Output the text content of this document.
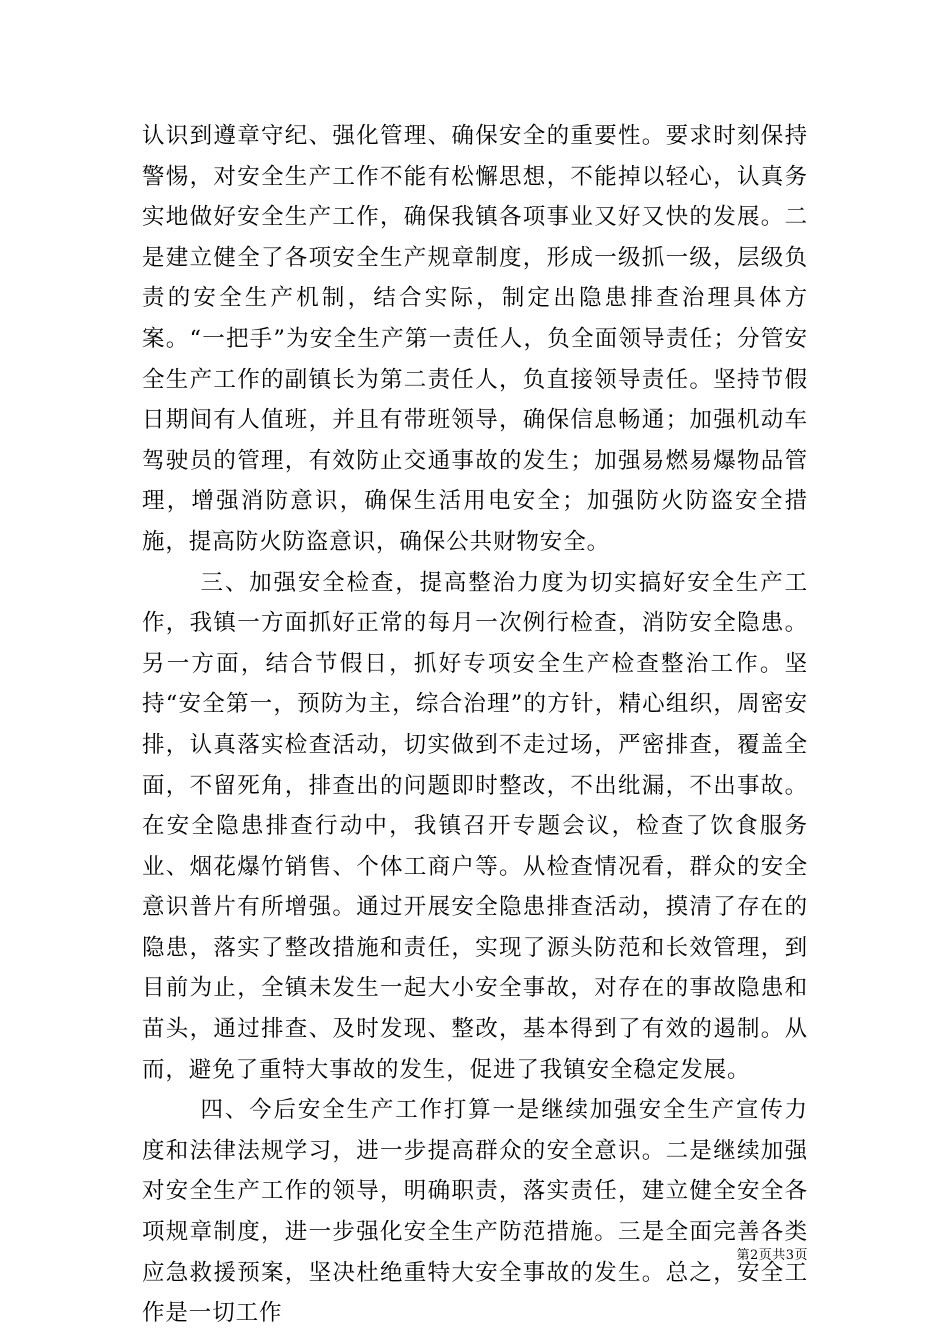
认识到遵章守纪、强化管理、确保安全的重要性。要求时刻保持警惕，对安全生产工作不能有松懈思想，不能掉以轻心，认真务实地做好安全生产工作，确保我镇各项事业又好又快的发展。二是建立健全了各项安全生产规章制度，形成一级抓一级，层级负责的安全生产机制，结合实际，制定出隐患排查治理具体方案。“一把手”为安全生产第一责任人，负全面领导责任；分管安全生产工作的副镇长为第二责任人，负直接领导责任。坚持节假日期间有人值班，并且有带班领导，确保信息畅通；加强机动车驾驶员的管理，有效防止交通事故的发生；加强易燃易爆物品管理，增强消防意识，确保生活用电安全；加强防火防盗安全措施，提高防火防盗意识，确保公共财物安全。

三、加强安全检查，提高整治力度为切实搞好安全生产工作，我镇一方面抓好正常的每月一次例行检查，消防安全隐患。另一方面，结合节假日，抓好专项安全生产检查整治工作。坚持“安全第一，预防为主，综合治理”的方针，精心组织，周密安排，认真落实检查活动，切实做到不走过场，严密排查，覆盖全面，不留死角，排查出的问题即时整改，不出纰漏，不出事故。在安全隐患排查行动中，我镇召开专题会议，检查了饮食服务业、烟花爆竹销售、个体工商户等。从检查情况看，群众的安全意识普片有所增强。通过开展安全隐患排查活动，摸清了存在的隐患，落实了整改措施和责任，实现了源头防范和长效管理，到目前为止，全镇未发生一起大小安全事故，对存在的事故隐患和苗头，通过排查、及时发现、整改，基本得到了有效的遏制。从而，避免了重特大事故的发生，促进了我镇安全稳定发展。

四、今后安全生产工作打算一是继续加强安全生产宣传力度和法律法规学习，进一步提高群众的安全意识。二是继续加强对安全生产工作的领导，明确职责，落实责任，建立健全安全各项规章制度，进一步强化安全生产防范措施。三是全面完善各类应急救援预案，坚决杜绝重特大安全事故的发生。总之，安全工作是一切工作

第2页共3页
